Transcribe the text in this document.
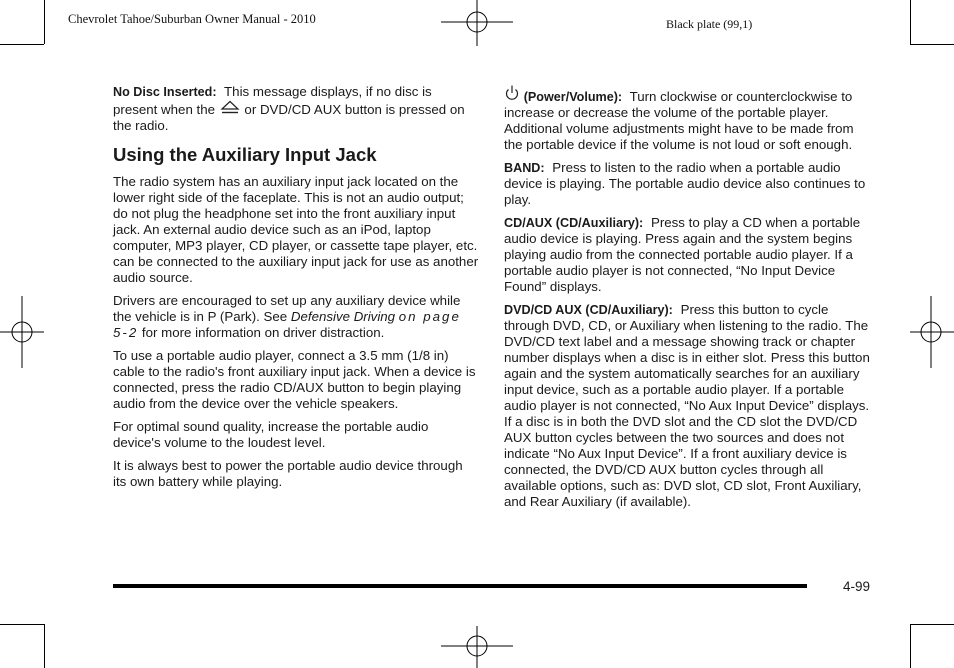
Chevrolet Tahoe/Suburban Owner Manual - 2010	Black plate (99,1)

No Disc Inserted: This message displays, if no disc is present when the or DVD/CD AUX button is pressed on the radio.

Using the Auxiliary Input Jack

The radio system has an auxiliary input jack located on the lower right side of the faceplate. This is not an audio output; do not plug the headphone set into the front auxiliary input jack. An external audio device such as an iPod, laptop computer, MP3 player, CD player, or cassette tape player, etc. can be connected to the auxiliary input jack for use as another audio source.

Drivers are encouraged to set up any auxiliary device while the vehicle is in P (Park). See Defensive Driving on page 5-2 for more information on driver distraction.

To use a portable audio player, connect a 3.5 mm (1/8 in) cable to the radio's front auxiliary input jack. When a device is connected, press the radio CD/AUX button to begin playing audio from the device over the vehicle speakers.

For optimal sound quality, increase the portable audio device's volume to the loudest level.

It is always best to power the portable audio device through its own battery while playing.

(Power/Volume): Turn clockwise or counterclockwise to increase or decrease the volume of the portable player. Additional volume adjustments might have to be made from the portable device if the volume is not loud or soft enough.

BAND: Press to listen to the radio when a portable audio device is playing. The portable audio device also continues to play.

CD/AUX (CD/Auxiliary): Press to play a CD when a portable audio device is playing. Press again and the system begins playing audio from the connected portable audio player. If a portable audio player is not connected, “No Input Device Found” displays.

DVD/CD AUX (CD/Auxiliary): Press this button to cycle through DVD, CD, or Auxiliary when listening to the radio. The DVD/CD text label and a message showing track or chapter number displays when a disc is in either slot. Press this button again and the system automatically searches for an auxiliary input device, such as a portable audio player. If a portable audio player is not connected, “No Aux Input Device” displays. If a disc is in both the DVD slot and the CD slot the DVD/CD AUX button cycles between the two sources and does not indicate “No Aux Input Device”. If a front auxiliary device is connected, the DVD/CD AUX button cycles through all available options, such as: DVD slot, CD slot, Front Auxiliary, and Rear Auxiliary (if available).

4-99
